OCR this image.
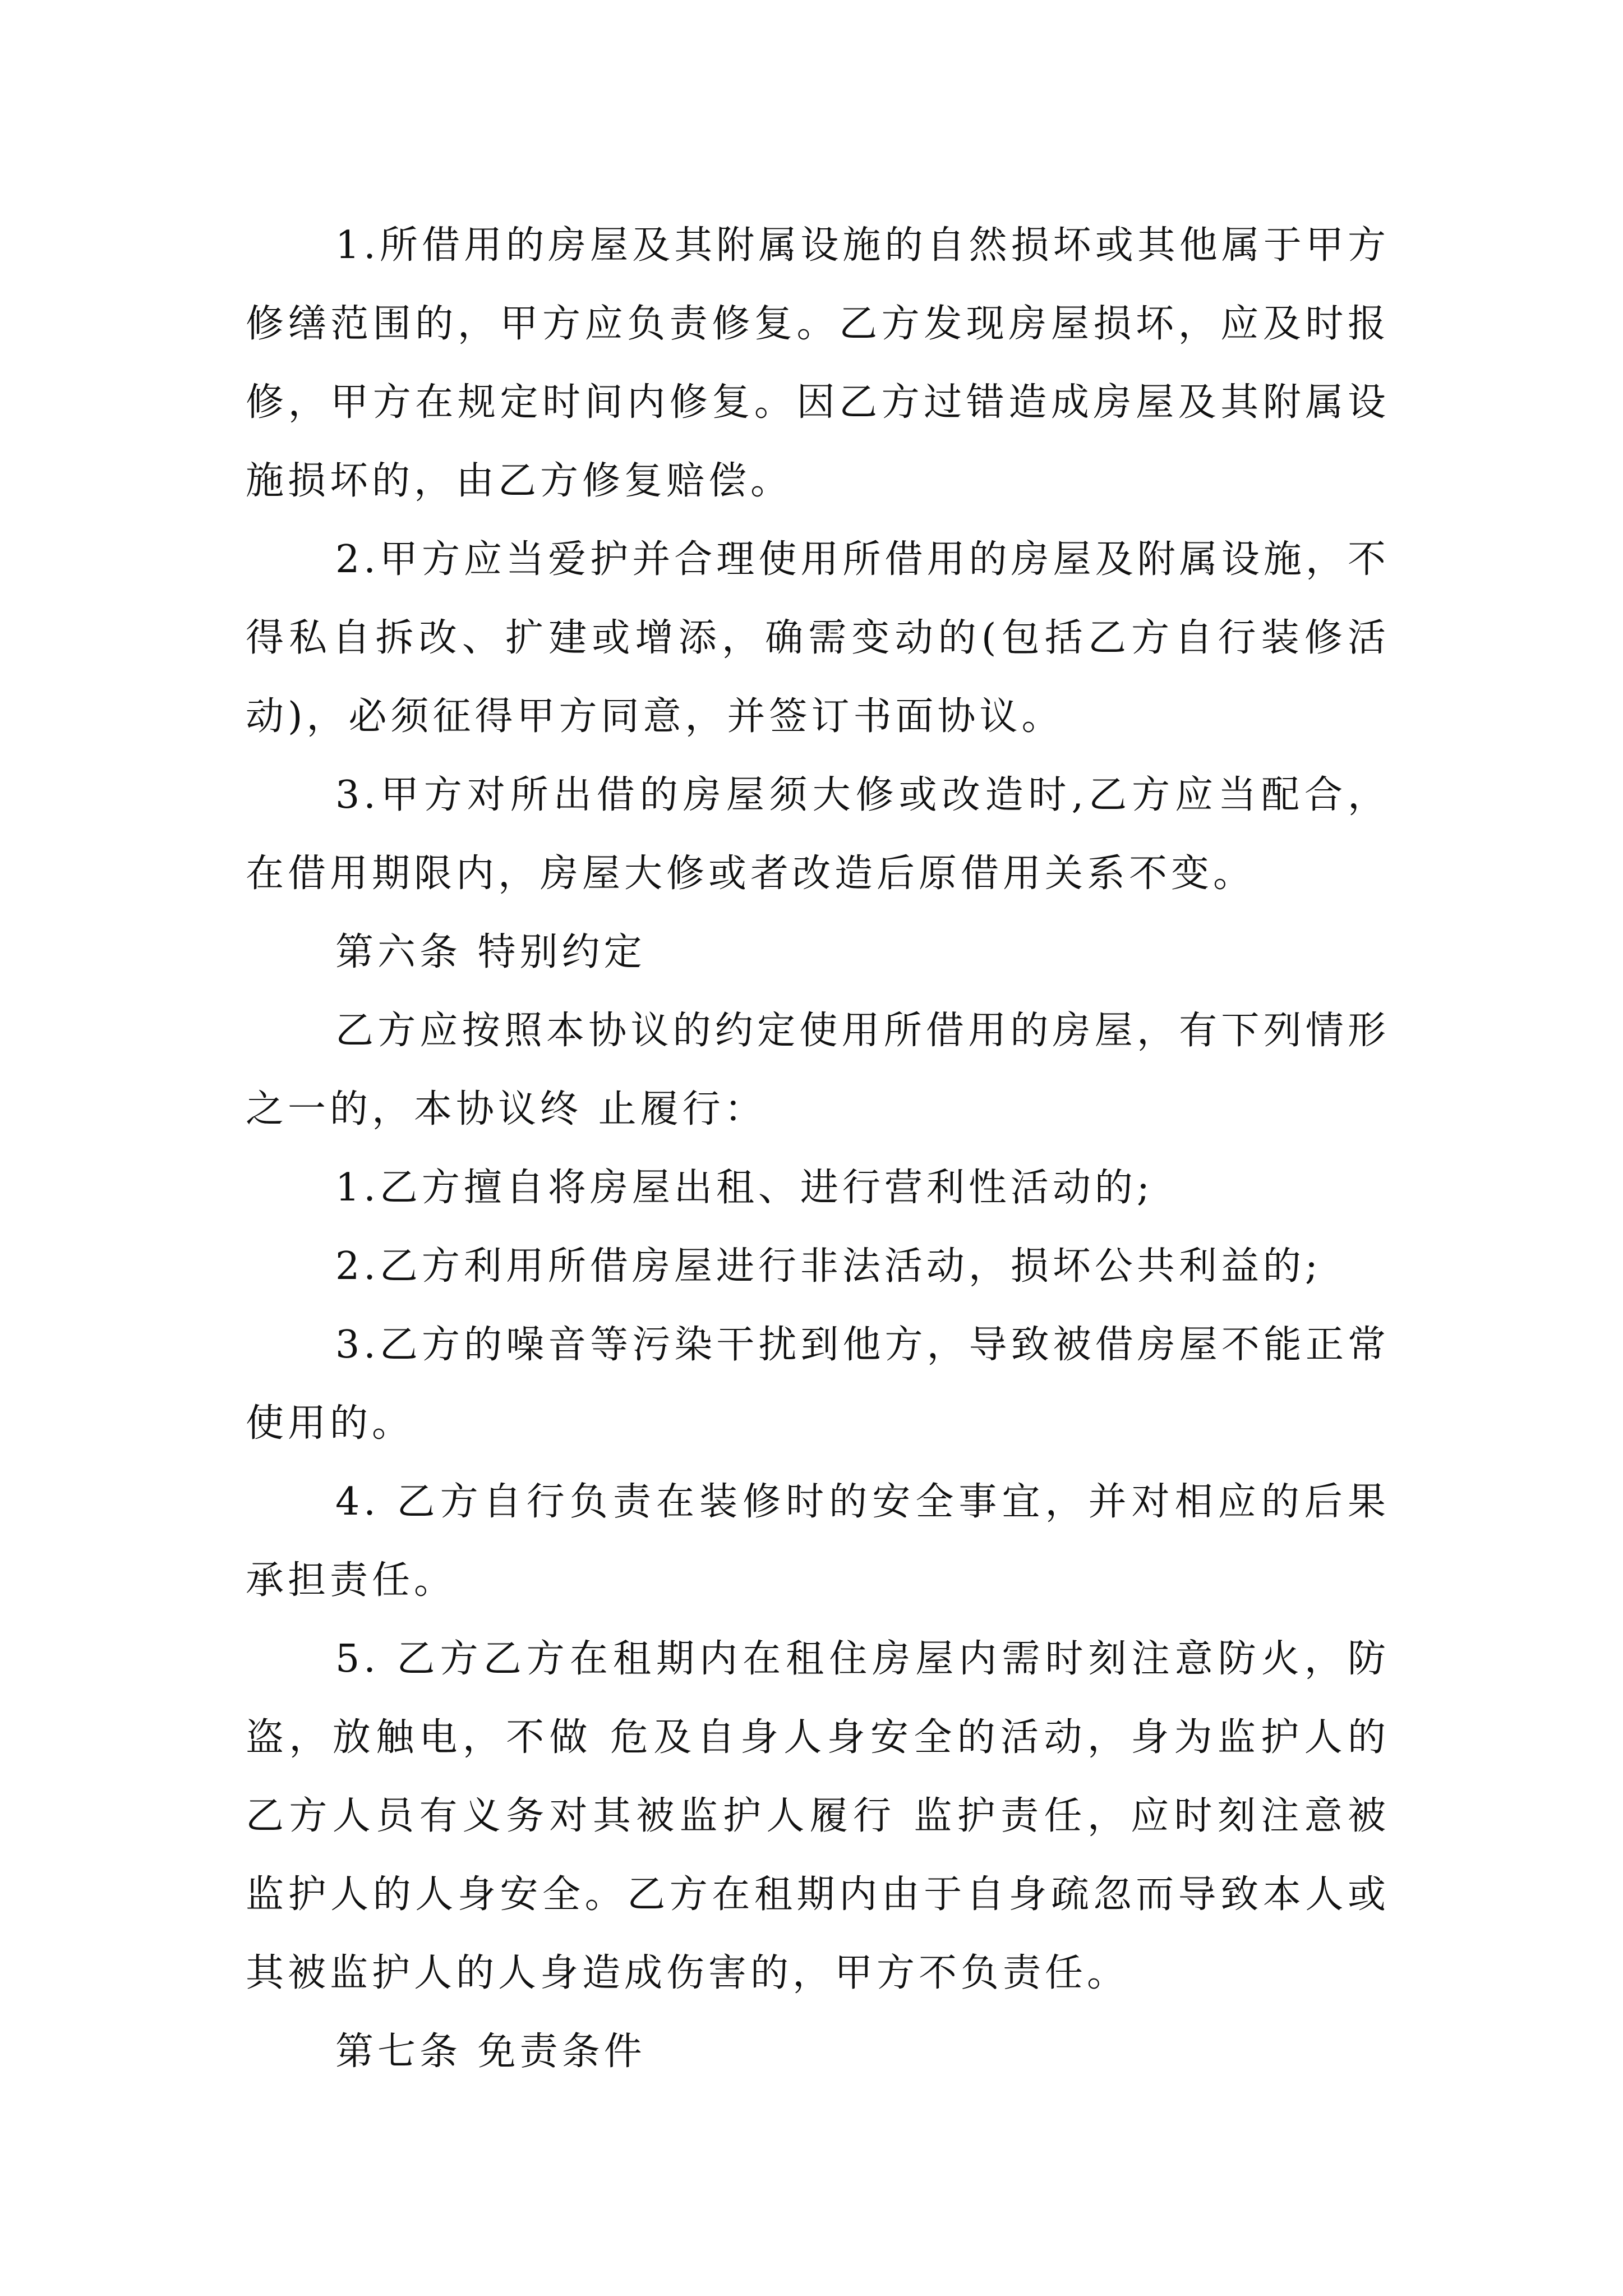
1.所借用的房屋及其附属设施的自然损坏或其他属于甲方修缮范围的，甲方应负责修复。乙方发现房屋损坏，应及时报修，甲方在规定时间内修复。因乙方过错造成房屋及其附属设施损坏的，由乙方修复赔偿。

2.甲方应当爱护并合理使用所借用的房屋及附属设施，不得私自拆改、扩建或增添，确需变动的(包括乙方自行装修活动)，必须征得甲方同意，并签订书面协议。

3.甲方对所出借的房屋须大修或改造时,乙方应当配合，在借用期限内，房屋大修或者改造后原借用关系不变。

第六条 特别约定

乙方应按照本协议的约定使用所借用的房屋，有下列情形之一的，本协议终 止履行：

1.乙方擅自将房屋出租、进行营利性活动的;

2.乙方利用所借房屋进行非法活动，损坏公共利益的;

3.乙方的噪音等污染干扰到他方，导致被借房屋不能正常使用的。

4. 乙方自行负责在装修时的安全事宜，并对相应的后果承担责任。

5. 乙方乙方在租期内在租住房屋内需时刻注意防火，防盗，放触电，不做 危及自身人身安全的活动，身为监护人的乙方人员有义务对其被监护人履行 监护责任，应时刻注意被监护人的人身安全。乙方在租期内由于自身疏忽而导致本人或其被监护人的人身造成伤害的，甲方不负责任。

第七条 免责条件
